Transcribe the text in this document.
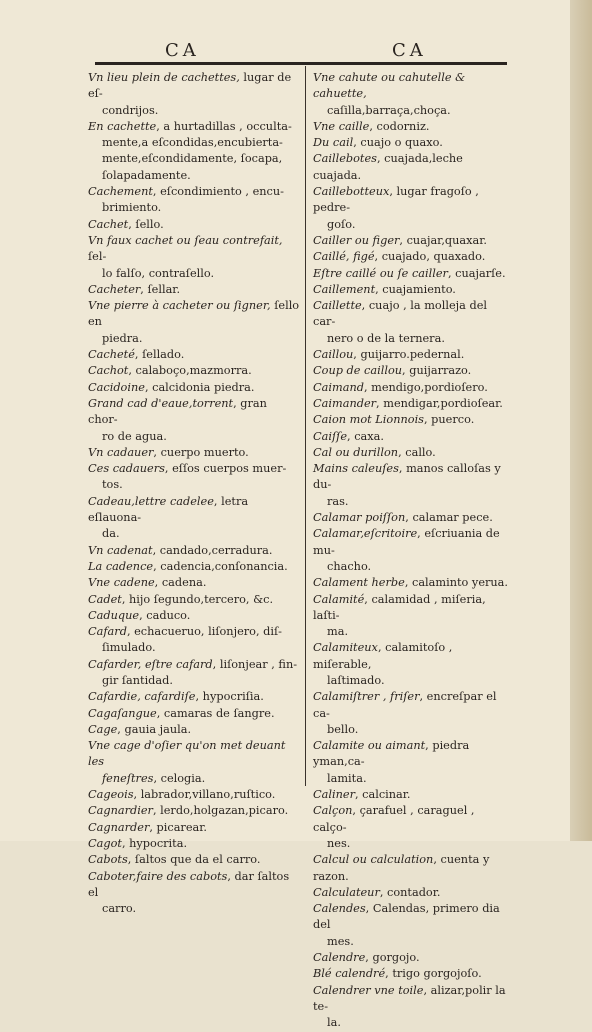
CA	CA
Vn lieu plein de cachettes, lugar de eſ-
condrijos.
En cachette, a hurtadillas , occulta-
mente,a eſcondidas,encubierta-
mente,eſcondidamente, ſocapa,
ſolapadamente.
Cachement, eſcondimiento , encu-
brimiento.
Cachet, ſello.
Vn faux cachet ou ſeau contrefait, ſel-
lo falſo, contraſello.
Cacheter, ſellar.
Vne pierre à cacheter ou ſigner, ſello en
piedra.
Cacheté, ſellado.
Cachot, calaboço,mazmorra.
Cacidoine, calcidonia piedra.
Grand cad d'eaue,torrent, gran chor-
ro de agua.
Vn cadauer, cuerpo muerto.
Ces cadauers, eſſos cuerpos muer-
tos.
Cadeau,lettre cadelee, letra eſlauona-
da.
Vn cadenat, candado,cerradura.
La cadence, cadencia,conſonancia.
Vne cadene, cadena.
Cadet, hijo ſegundo,tercero, &c.
Caduque, caduco.
Cafard, echacueruo, liſonjero, diſ-
ſimulado.
Cafarder, eſtre cafard, liſonjear , fin-
gir ſantidad.
Cafardie, cafardiſe, hypocriſia.
Cagaſangue, camaras de ſangre.
Cage, gauia jaula.
Vne cage d'oſier qu'on met deuant les
feneſtres, celogia.
Cageois, labrador,villano,ruſtico.
Cagnardier, lerdo,holgazan,picaro.
Cagnarder, picarear.
Cagot, hypocrita.
Cabots, ſaltos que da el carro.
Caboter,faire des cabots, dar ſaltos el
carro.
Vne cahute ou cahutelle & cahuette,
caſilla,barraça,choça.
Vne caille, codorniz.
Du cail, cuajo o quaxo.
Caillebotes, cuajada,leche cuajada.
Caillebotteux, lugar fragoſo , pedre-
goſo.
Cailler ou figer, cuajar,quaxar.
Caillé, figé, cuajado, quaxado.
Eſtre caillé ou ſe cailler, cuajarſe.
Caillement, cuajamiento.
Caillette, cuajo , la molleja del car-
nero o de la ternera.
Caillou, guijarro.pedernal.
Coup de caillou, guijarrazo.
Caimand, mendigo,pordioſero.
Caimander, mendigar,pordioſear.
Caion mot Lionnois, puerco.
Caiſſe, caxa.
Cal ou durillon, callo.
Mains caleuſes, manos calloſas y du-
ras.
Calamar poiſſon, calamar pece.
Calamar,eſcritoire, eſcriuania de mu-
chacho.
Calament herbe, calaminto yerua.
Calamité, calamidad , miſeria, laſti-
ma.
Calamiteux, calamitoſo , miſerable,
laſtimado.
Calamiſtrer , friſer, encreſpar el ca-
bello.
Calamite ou aimant, piedra yman,ca-
lamita.
Caliner, calcinar.
Calçon, çarafuel , caraguel , calço-
nes.
Calcul ou calculation, cuenta y razon.
Calculateur, contador.
Calendes, Calendas, primero dia del
mes.
Calendre, gorgojo.
Blé calendré, trigo gorgojoſo.
Calendrer vne toile, alizar,polir la te-
la.
